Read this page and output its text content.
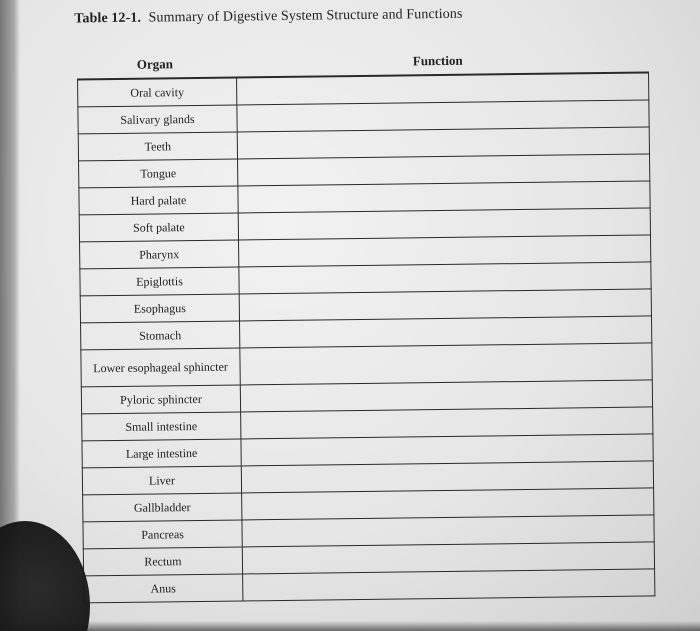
Table 12-1. Summary of Digestive System Structure and Functions
Organ	Function
Oral cavity	
Salivary glands	
Teeth	
Tongue	
Hard palate	
Soft palate	
Pharynx	
Epiglottis	
Esophagus	
Stomach	
Lower esophageal sphincter	
Pyloric sphincter	
Small intestine	
Large intestine	
Liver	
Gallbladder	
Pancreas	
Rectum	
Anus	
